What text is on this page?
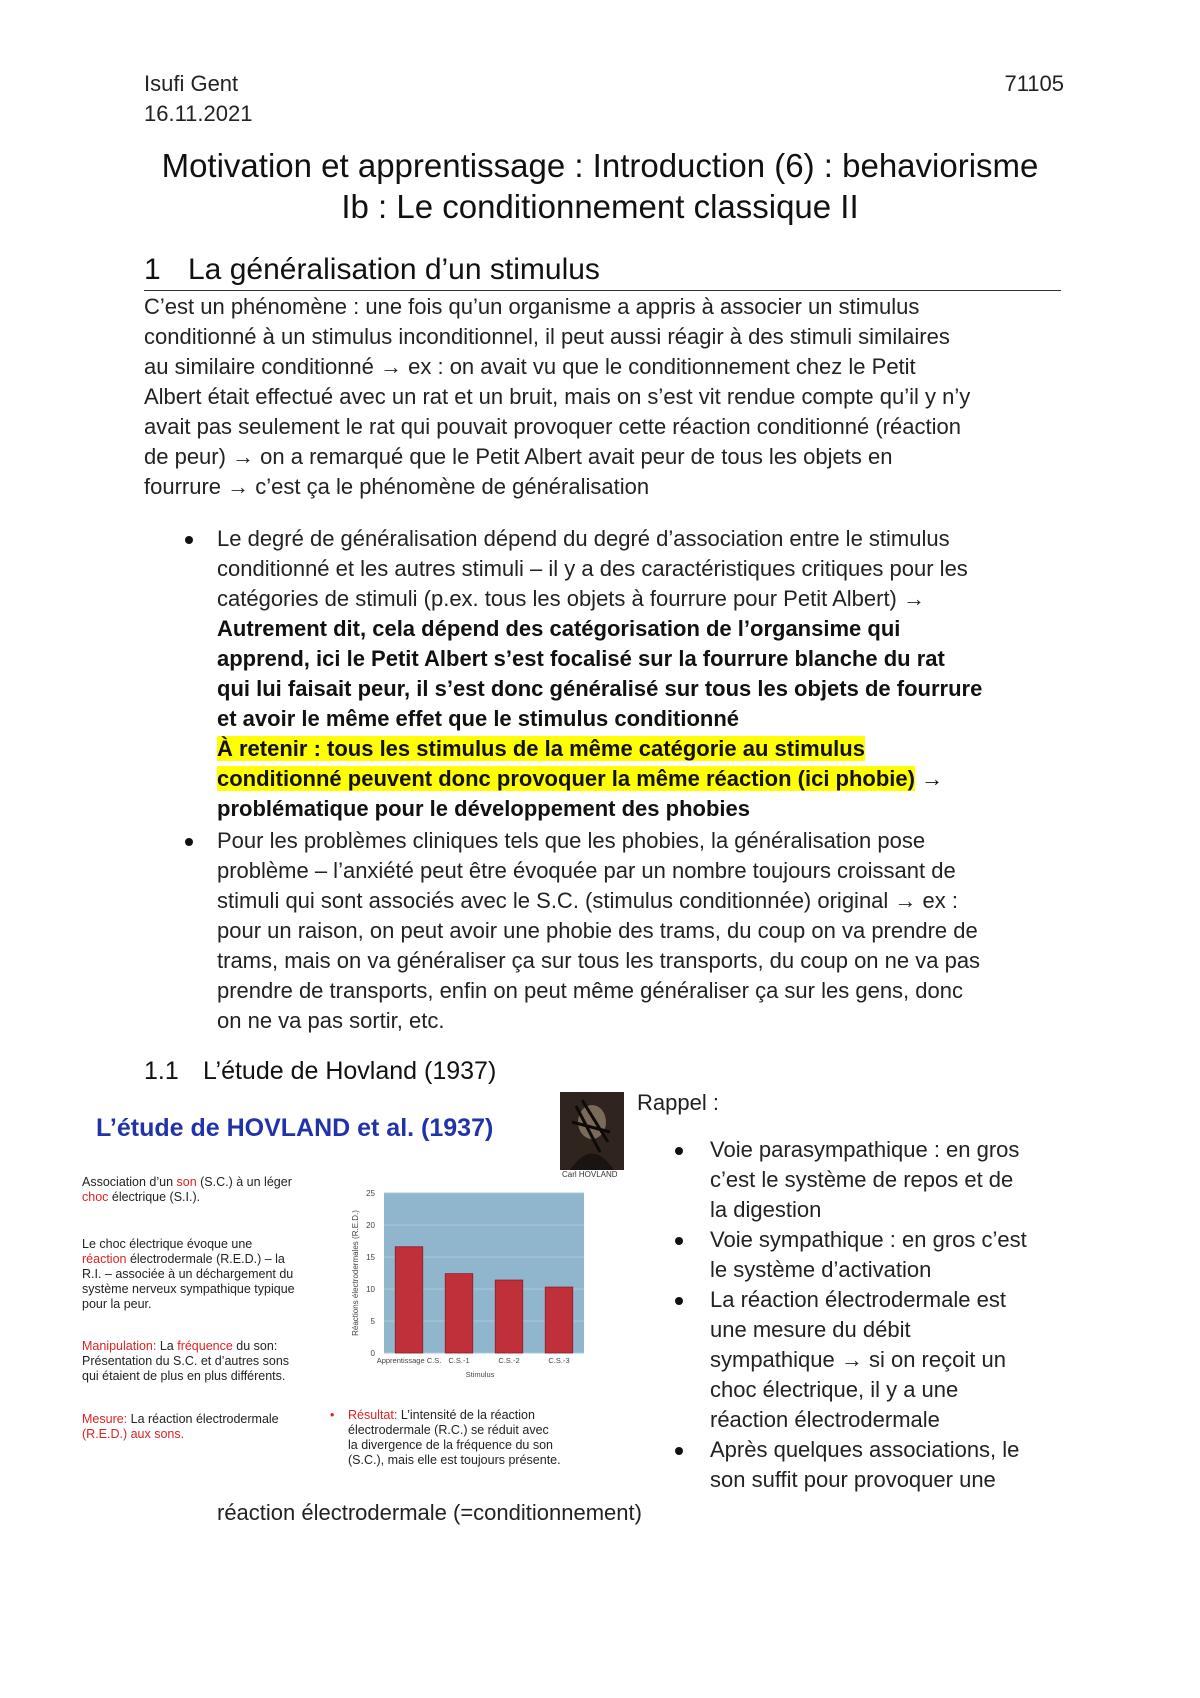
Isufi Gent
16.11.2021
71105
Motivation et apprentissage : Introduction (6) : behaviorisme
Ib : Le conditionnement classique II
1 La généralisation d’un stimulus
C’est un phénomène : une fois qu’un organisme a appris à associer un stimulus
conditionné à un stimulus inconditionnel, il peut aussi réagir à des stimuli similaires
au similaire conditionné → ex : on avait vu que le conditionnement chez le Petit
Albert était effectué avec un rat et un bruit, mais on s’est vit rendue compte qu’il y n’y
avait pas seulement le rat qui pouvait provoquer cette réaction conditionné (réaction
de peur) → on a remarqué que le Petit Albert avait peur de tous les objets en
fourrure → c’est ça le phénomène de généralisation
Le degré de généralisation dépend du degré d’association entre le stimulus
conditionné et les autres stimuli – il y a des caractéristiques critiques pour les
catégories de stimuli (p.ex. tous les objets à fourrure pour Petit Albert) →
Autrement dit, cela dépend des catégorisation de l’organsime qui
apprend, ici le Petit Albert s’est focalisé sur la fourrure blanche du rat
qui lui faisait peur, il s’est donc généralisé sur tous les objets de fourrure
et avoir le même effet que le stimulus conditionné
À retenir : tous les stimulus de la même catégorie au stimulus
conditionné peuvent donc provoquer la même réaction (ici phobie) →
problématique pour le développement des phobies
Pour les problèmes cliniques tels que les phobies, la généralisation pose
problème – l’anxiété peut être évoquée par un nombre toujours croissant de
stimuli qui sont associés avec le S.C. (stimulus conditionnée) original → ex :
pour un raison, on peut avoir une phobie des trams, du coup on va prendre de
trams, mais on va généraliser ça sur tous les transports, du coup on ne va pas
prendre de transports, enfin on peut même généraliser ça sur les gens, donc
on ne va pas sortir, etc.
1.1 L’étude de Hovland (1937)
L’étude de HOVLAND et al. (1937)
Association d’un son (S.C.) à un léger
choc électrique (S.I.).
Le choc électrique évoque une
réaction électrodermale (R.E.D.) – la
R.I. – associée à un déchargement du
système nerveux sympathique typique
pour la peur.
Manipulation: La fréquence du son:
Présentation du S.C. et d’autres sons
qui étaient de plus en plus différents.
Mesure: La réaction électrodermale
(R.E.D.) aux sons.
Réactions électrodermales (R.E.D.)
0
5
10
15
20
25
Apprentissage C.S. C.S.-1	C.S.-2	C.S.-3
Stimulus
• Résultat: L’intensité de la réaction
électrodermale (R.C.) se réduit avec
la divergence de la fréquence du son
(S.C.), mais elle est toujours présente.
Carl HOVLAND
Rappel :
Voie parasympathique : en gros
c’est le système de repos et de
la digestion
Voie sympathique : en gros c’est
le système d’activation
La réaction électrodermale est
une mesure du débit
sympathique → si on reçoit un
choc électrique, il y a une
réaction électrodermale
Après quelques associations, le
son suffit pour provoquer une
réaction électrodermale (=conditionnement)
